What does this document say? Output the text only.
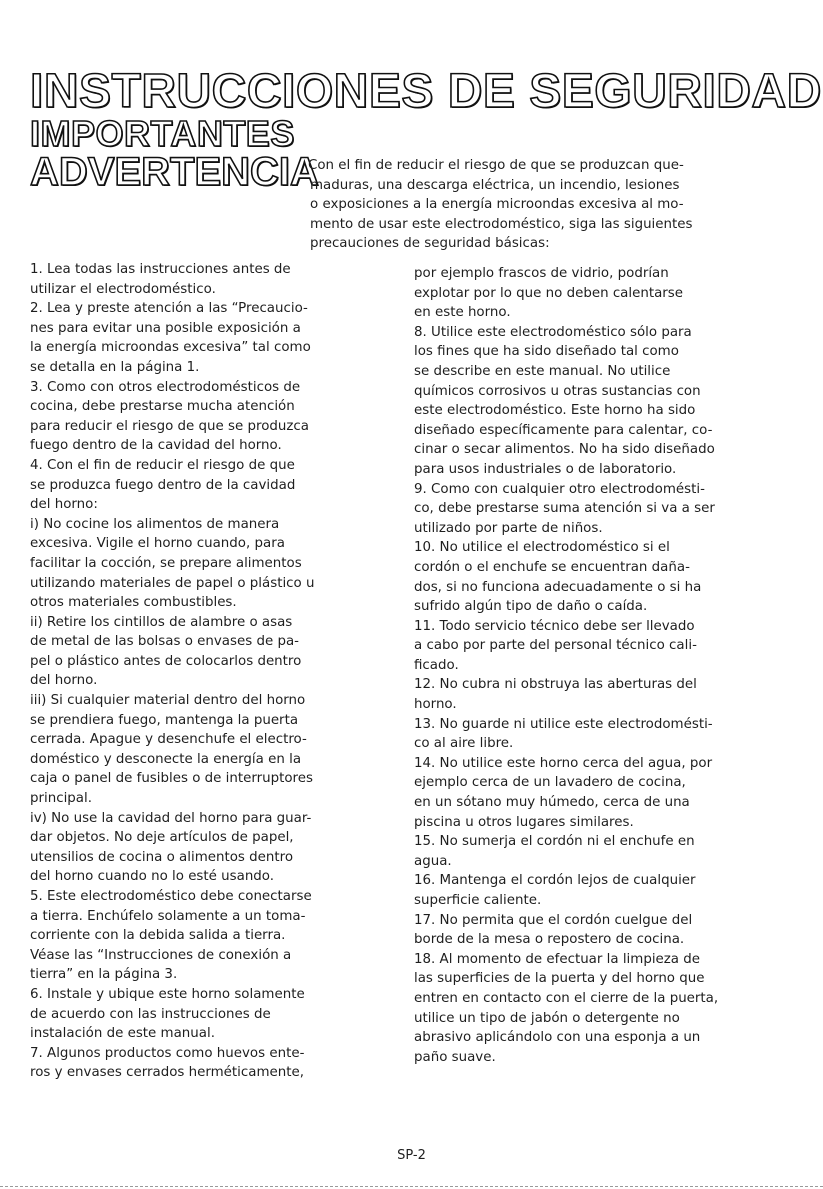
INSTRUCCIONES DE SEGURIDAD
IMPORTANTES
ADVERTENCIA
Con el fin de reducir el riesgo de que se produzcan que-
maduras, una descarga eléctrica, un incendio, lesiones
o exposiciones a la energía microondas excesiva al mo-
mento de usar este electrodoméstico, siga las siguientes
precauciones de seguridad básicas:
1. Lea todas las instrucciones antes de
utilizar el electrodoméstico.
2. Lea y preste atención a las “Precaucio-
nes para evitar una posible exposición a
la energía microondas excesiva” tal como
se detalla en la página 1.
3. Como con otros electrodomésticos de
cocina, debe prestarse mucha atención
para reducir el riesgo de que se produzca
fuego dentro de la cavidad del horno.
4. Con el fin de reducir el riesgo de que
se produzca fuego dentro de la cavidad
del horno:
i) No cocine los alimentos de manera
excesiva. Vigile el horno cuando, para
facilitar la cocción, se prepare alimentos
utilizando materiales de papel o plástico u
otros materiales combustibles.
ii) Retire los cintillos de alambre o asas
de metal de las bolsas o envases de pa-
pel o plástico antes de colocarlos dentro
del horno.
iii) Si cualquier material dentro del horno
se prendiera fuego, mantenga la puerta
cerrada. Apague y desenchufe el electro-
doméstico y desconecte la energía en la
caja o panel de fusibles o de interruptores
principal.
iv) No use la cavidad del horno para guar-
dar objetos. No deje artículos de papel,
utensilios de cocina o alimentos dentro
del horno cuando no lo esté usando.
5. Este electrodoméstico debe conectarse
a tierra. Enchúfelo solamente a un toma-
corriente con la debida salida a tierra.
Véase las “Instrucciones de conexión a
tierra” en la página 3.
6. Instale y ubique este horno solamente
de acuerdo con las instrucciones de
instalación de este manual.
7. Algunos productos como huevos ente-
ros y envases cerrados herméticamente,
por ejemplo frascos de vidrio, podrían
explotar por lo que no deben calentarse
en este horno.
8. Utilice este electrodoméstico sólo para
los fines que ha sido diseñado tal como
se describe en este manual. No utilice
químicos corrosivos u otras sustancias con
este electrodoméstico. Este horno ha sido
diseñado específicamente para calentar, co-
cinar o secar alimentos. No ha sido diseñado
para usos industriales o de laboratorio.
9. Como con cualquier otro electrodomésti-
co, debe prestarse suma atención si va a ser
utilizado por parte de niños.
10. No utilice el electrodoméstico si el
cordón o el enchufe se encuentran daña-
dos, si no funciona adecuadamente o si ha
sufrido algún tipo de daño o caída.
11. Todo servicio técnico debe ser llevado
a cabo por parte del personal técnico cali-
ficado.
12. No cubra ni obstruya las aberturas del
horno.
13. No guarde ni utilice este electrodomésti-
co al aire libre.
14. No utilice este horno cerca del agua, por
ejemplo cerca de un lavadero de cocina,
en un sótano muy húmedo, cerca de una
piscina u otros lugares similares.
15. No sumerja el cordón ni el enchufe en
agua.
16. Mantenga el cordón lejos de cualquier
superficie caliente.
17. No permita que el cordón cuelgue del
borde de la mesa o repostero de cocina.
18. Al momento de efectuar la limpieza de
las superficies de la puerta y del horno que
entren en contacto con el cierre de la puerta,
utilice un tipo de jabón o detergente no
abrasivo aplicándolo con una esponja a un
paño suave.
SP-2
